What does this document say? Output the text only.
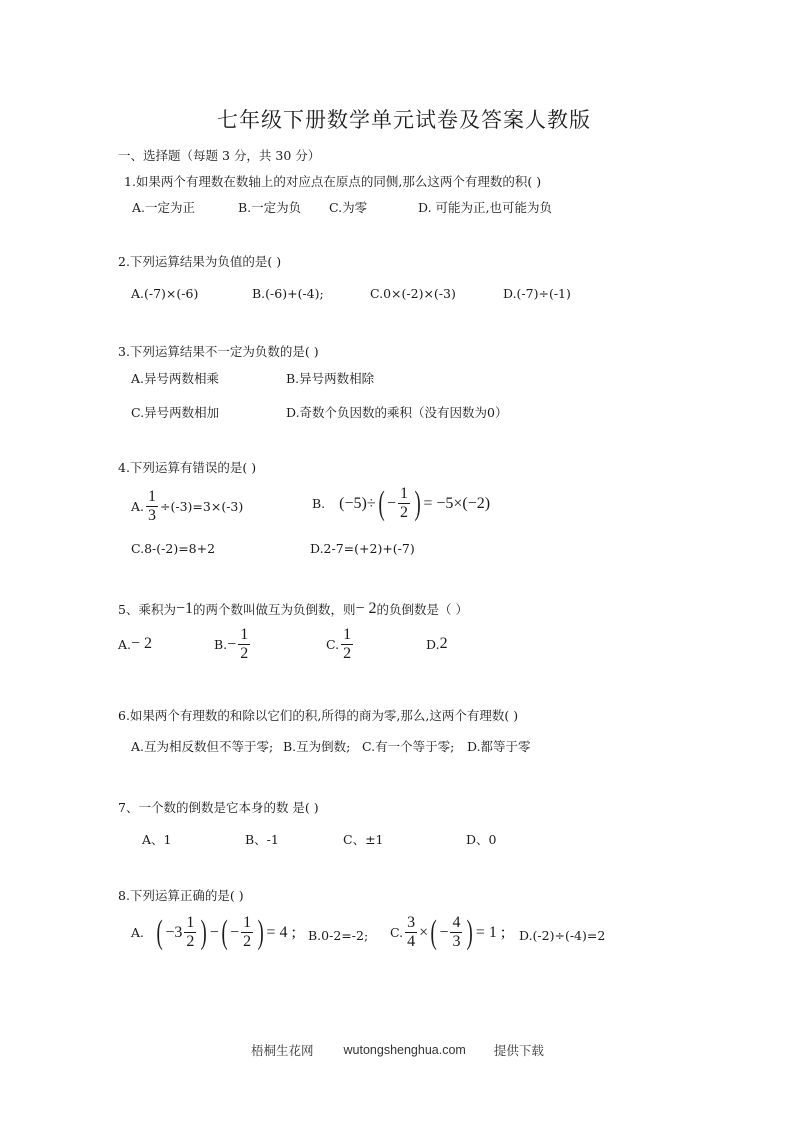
七年级下册数学单元试卷及答案人教版
一、选择题（每题 3 分，共 30 分）
1.如果两个有理数在数轴上的对应点在原点的同侧,那么这两个有理数的积( )
A.一定为正	B.一定为负 C.为零	D. 可能为正,也可能为负
2.下列运算结果为负值的是( )
A.(-7)×(-6)	B.(-6)+(-4);	C.0×(-2)×(-3)	D.(-7)÷(-1)
3.下列运算结果不一定为负数的是( )
A.异号两数相乘	B.异号两数相除
C.异号两数相加	D.奇数个负因数的乘积（没有因数为0）
4.下列运算有错误的是( )
A. $\frac{1}{3} \div(-3)=3\times(-3)$	B. (−5)÷ ( − $\frac{1}{2}$ ) = −5×(−2)
C.8-(-2)=8+2	D.2-7=(+2)+(-7)
5、乘积为 −1 的两个数叫做互为负倒数，则 − 2 的负倒数是（ ）
A. − 2	B. − $\frac{1}{2}$	C. $\frac{1}{2}$	D. 2
6.如果两个有理数的和除以它们的积,所得的商为零,那么,这两个有理数( )
A.互为相反数但不等于零; B.互为倒数; C.有一个等于零; D.都等于零
7、一个数的倒数是它本身的数 是( )
A、1	B、-1	C、±1	D、0
8.下列运算正确的是( )
A. ( $-3 \frac{1}{2}$ ) − ( − $\frac{1}{2}$ ) = 4 ; B.0-2=-2; C. $\frac{3}{4}$ × ( − $\frac{4}{3}$ ) = 1 ; D.(-2)÷(-4)=2
梧桐生花网 wutongshenghua.com 提供下载
